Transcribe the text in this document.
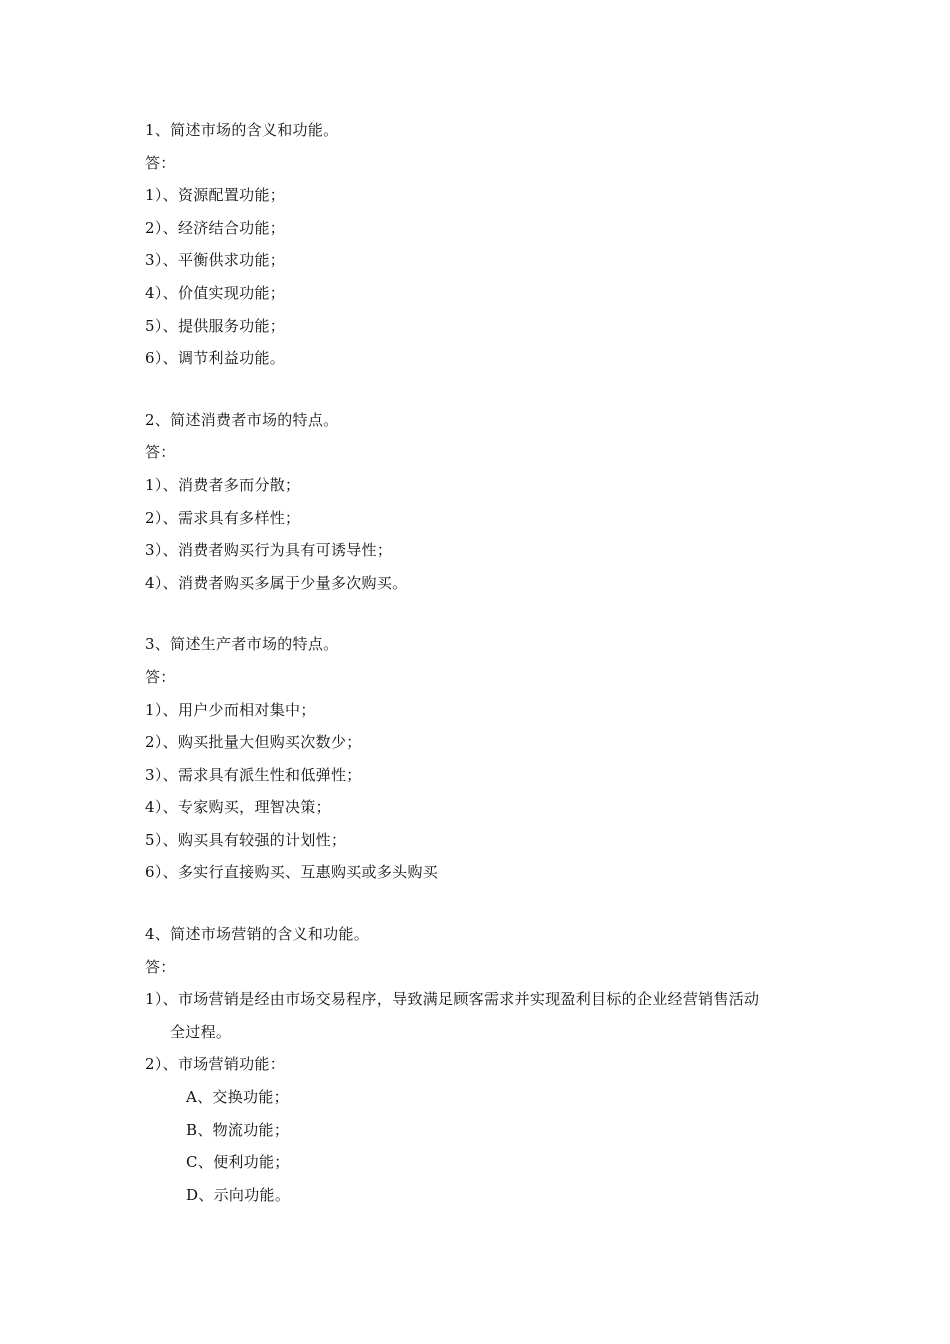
1、简述市场的含义和功能。
答：
1）、资源配置功能；
2）、经济结合功能；
3）、平衡供求功能；
4）、价值实现功能；
5）、提供服务功能；
6）、调节利益功能。
2、简述消费者市场的特点。
答：
1）、消费者多而分散；
2）、需求具有多样性；
3）、消费者购买行为具有可诱导性；
4）、消费者购买多属于少量多次购买。
3、简述生产者市场的特点。
答：
1）、用户少而相对集中；
2）、购买批量大但购买次数少；
3）、需求具有派生性和低弹性；
4）、专家购买，理智决策；
5）、购买具有较强的计划性；
6）、多实行直接购买、互惠购买或多头购买
4、简述市场营销的含义和功能。
答：
1）、市场营销是经由市场交易程序，导致满足顾客需求并实现盈利目标的企业经营销售活动
全过程。
2）、市场营销功能：
A、交换功能；
B、物流功能；
C、便利功能；
D、示向功能。
